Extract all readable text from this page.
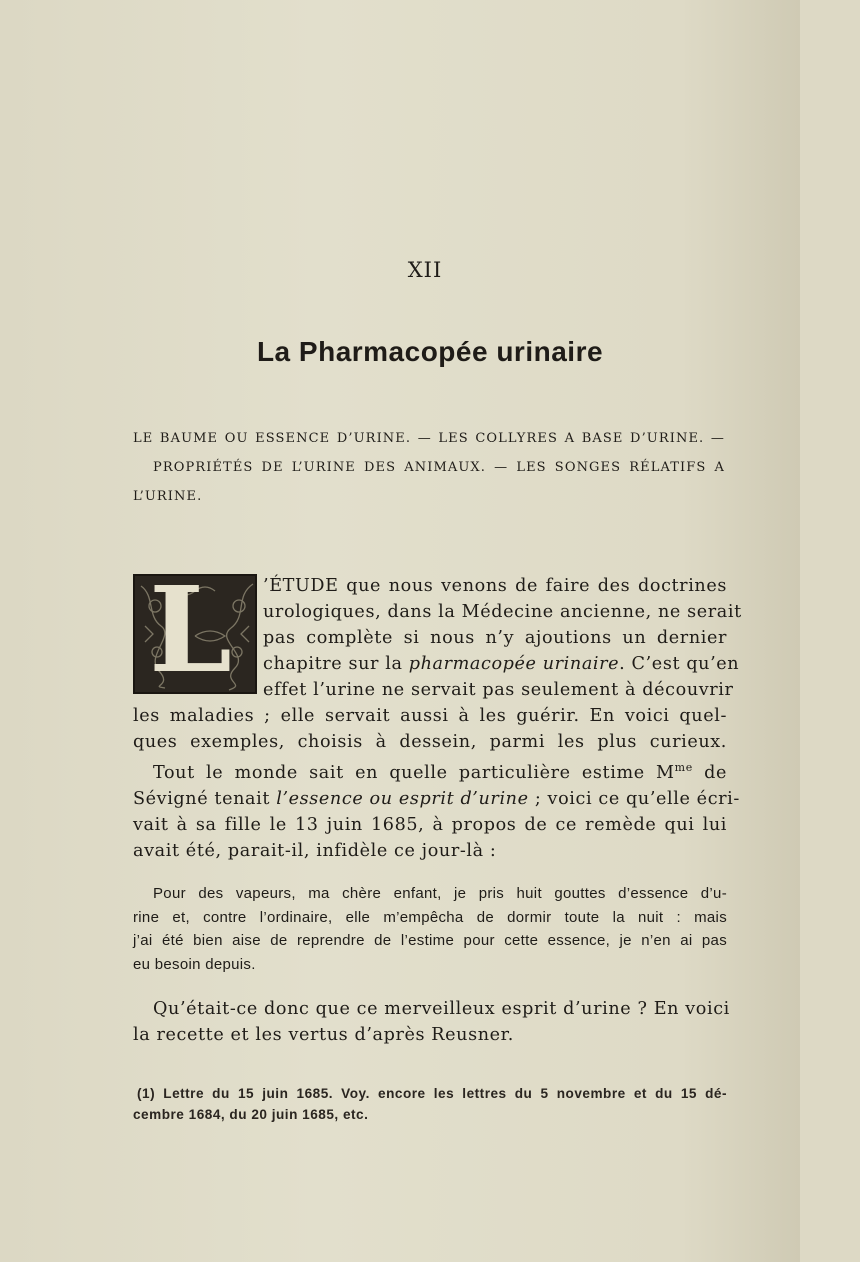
XII
La Pharmacopée urinaire
LE BAUME OU ESSENCE D’URINE. — LES COLLYRES A BASE D’URINE. —
PROPRIÉTÉS DE L’URINE DES ANIMAUX. — LES SONGES RÉLATIFS A
L’URINE.
L	’ÉTUDE que nous venons de faire des doctrines
urologiques, dans la Médecine ancienne, ne serait
pas complète si nous n’y ajoutions un dernier
chapitre sur la pharmacopée urinaire. C’est qu’en
effet l’urine ne servait pas seulement à découvrir
les maladies ; elle servait aussi à les guérir. En voici quel-
ques exemples, choisis à dessein, parmi les plus curieux.
Tout le monde sait en quelle particulière estime $M^{me}$ de
Sévigné tenait l’essence ou esprit d’urine ; voici ce qu’elle écri-
vait à sa fille le 13 juin 1685, à propos de ce remède qui lui
avait été, parait-il, infidèle ce jour-là :
Pour des vapeurs, ma chère enfant, je pris huit gouttes d’essence d’u-
rine et, contre l’ordinaire, elle m’empêcha de dormir toute la nuit : mais
j’ai été bien aise de reprendre de l’estime pour cette essence, je n’en ai pas
eu besoin depuis.
Qu’était-ce donc que ce merveilleux esprit d’urine ? En voici
la recette et les vertus d’après Reusner.
(1) Lettre du 15 juin 1685. Voy. encore les lettres du 5 novembre et du 15 dé-
cembre 1684, du 20 juin 1685, etc.
